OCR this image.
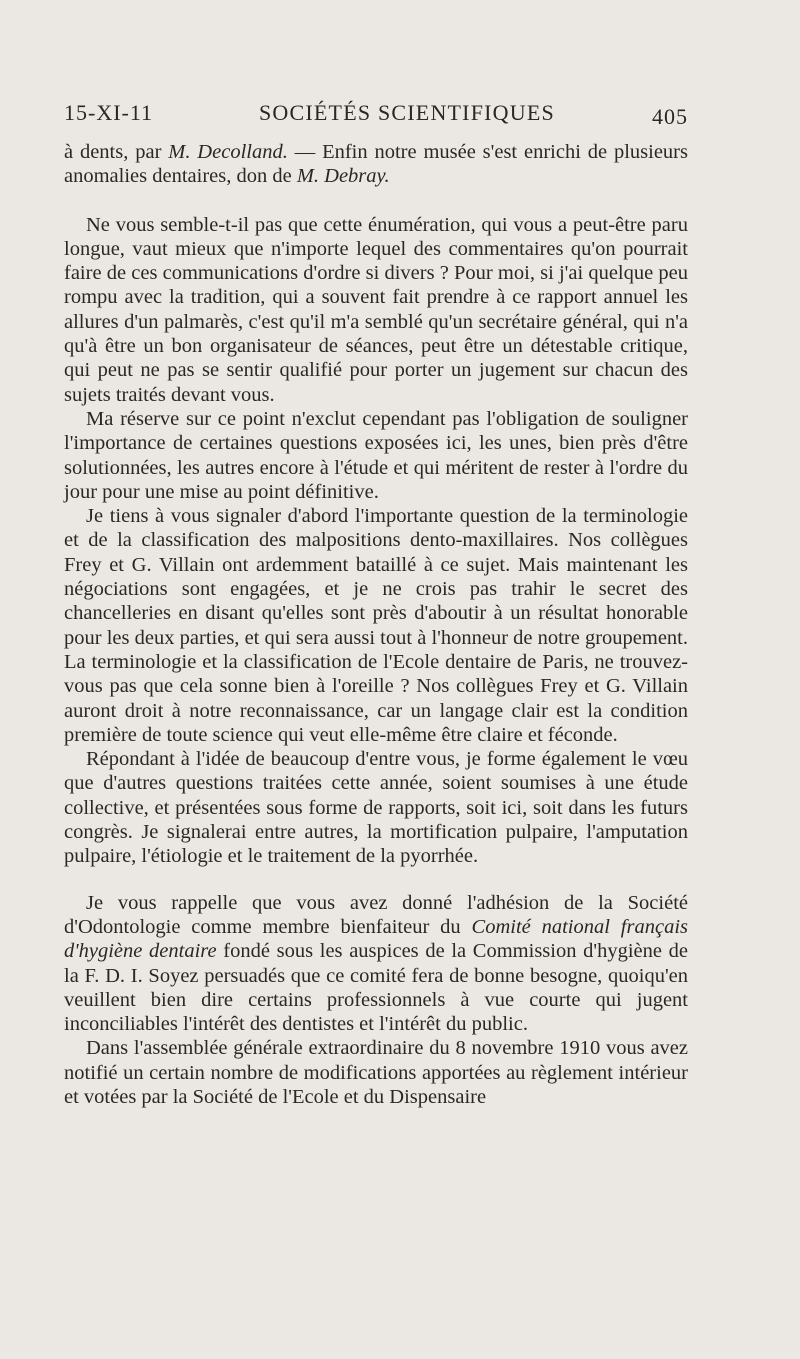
15-XI-11	SOCIÉTÉS SCIENTIFIQUES	405

à dents, par M. Decolland. — Enfin notre musée s'est enrichi de plusieurs anomalies dentaires, don de M. Debray.

Ne vous semble-t-il pas que cette énumération, qui vous a peut-être paru longue, vaut mieux que n'importe lequel des commentaires qu'on pourrait faire de ces communications d'ordre si divers ? Pour moi, si j'ai quelque peu rompu avec la tradition, qui a souvent fait prendre à ce rapport annuel les allures d'un palmarès, c'est qu'il m'a semblé qu'un secrétaire général, qui n'a qu'à être un bon organisateur de séances, peut être un détestable critique, qui peut ne pas se sentir qualifié pour porter un jugement sur chacun des sujets traités devant vous.

Ma réserve sur ce point n'exclut cependant pas l'obligation de souligner l'importance de certaines questions exposées ici, les unes, bien près d'être solutionnées, les autres encore à l'étude et qui méritent de rester à l'ordre du jour pour une mise au point définitive.

Je tiens à vous signaler d'abord l'importante question de la terminologie et de la classification des malpositions dento-maxillaires. Nos collègues Frey et G. Villain ont ardemment bataillé à ce sujet. Mais maintenant les négociations sont engagées, et je ne crois pas trahir le secret des chancelleries en disant qu'elles sont près d'aboutir à un résultat honorable pour les deux parties, et qui sera aussi tout à l'honneur de notre groupement. La terminologie et la classification de l'Ecole dentaire de Paris, ne trouvez-vous pas que cela sonne bien à l'oreille ? Nos collègues Frey et G. Villain auront droit à notre reconnaissance, car un langage clair est la condition première de toute science qui veut elle-même être claire et féconde.

Répondant à l'idée de beaucoup d'entre vous, je forme également le vœu que d'autres questions traitées cette année, soient soumises à une étude collective, et présentées sous forme de rapports, soit ici, soit dans les futurs congrès. Je signalerai entre autres, la mortification pulpaire, l'amputation pulpaire, l'étiologie et le traitement de la pyorrhée.

Je vous rappelle que vous avez donné l'adhésion de la Société d'Odontologie comme membre bienfaiteur du Comité national français d'hygiène dentaire fondé sous les auspices de la Commission d'hygiène de la F. D. I. Soyez persuadés que ce comité fera de bonne besogne, quoiqu'en veuillent bien dire certains professionnels à vue courte qui jugent inconciliables l'intérêt des dentistes et l'intérêt du public.

Dans l'assemblée générale extraordinaire du 8 novembre 1910 vous avez notifié un certain nombre de modifications apportées au règlement intérieur et votées par la Société de l'Ecole et du Dispensaire
